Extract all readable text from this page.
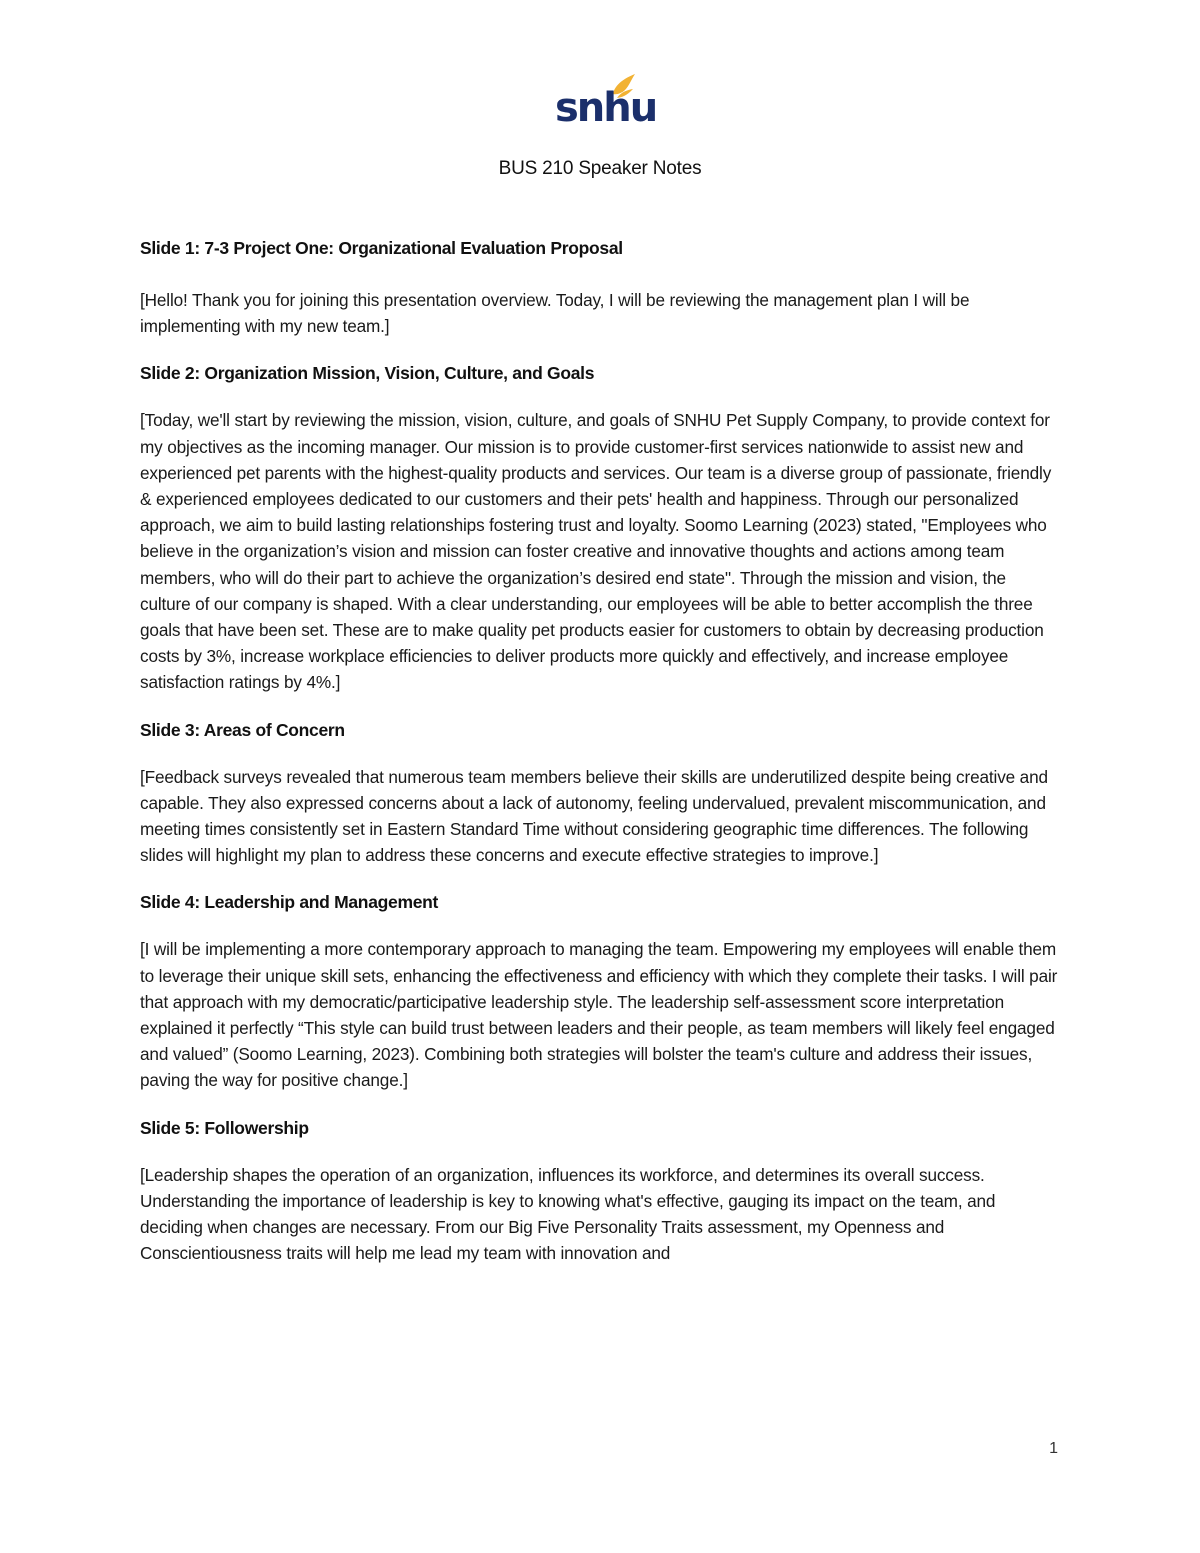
snhu
BUS 210 Speaker Notes

Slide 1: 7-3 Project One: Organizational Evaluation Proposal

[Hello! Thank you for joining this presentation overview. Today, I will be reviewing the management plan I will be implementing with my new team.]

Slide 2: Organization Mission, Vision, Culture, and Goals

[Today, we'll start by reviewing the mission, vision, culture, and goals of SNHU Pet Supply Company, to provide context for my objectives as the incoming manager. Our mission is to provide customer-first services nationwide to assist new and experienced pet parents with the highest-quality products and services. Our team is a diverse group of passionate, friendly & experienced employees dedicated to our customers and their pets' health and happiness. Through our personalized approach, we aim to build lasting relationships fostering trust and loyalty. Soomo Learning (2023) stated, "Employees who believe in the organization’s vision and mission can foster creative and innovative thoughts and actions among team members, who will do their part to achieve the organization’s desired end state". Through the mission and vision, the culture of our company is shaped. With a clear understanding, our employees will be able to better accomplish the three goals that have been set. These are to make quality pet products easier for customers to obtain by decreasing production costs by 3%, increase workplace efficiencies to deliver products more quickly and effectively, and increase employee satisfaction ratings by 4%.]

Slide 3: Areas of Concern

[Feedback surveys revealed that numerous team members believe their skills are underutilized despite being creative and capable. They also expressed concerns about a lack of autonomy, feeling undervalued, prevalent miscommunication, and meeting times consistently set in Eastern Standard Time without considering geographic time differences. The following slides will highlight my plan to address these concerns and execute effective strategies to improve.]

Slide 4: Leadership and Management

[I will be implementing a more contemporary approach to managing the team. Empowering my employees will enable them to leverage their unique skill sets, enhancing the effectiveness and efficiency with which they complete their tasks. I will pair that approach with my democratic/participative leadership style. The leadership self-assessment score interpretation explained it perfectly “This style can build trust between leaders and their people, as team members will likely feel engaged and valued” (Soomo Learning, 2023). Combining both strategies will bolster the team's culture and address their issues, paving the way for positive change.]

Slide 5: Followership

[Leadership shapes the operation of an organization, influences its workforce, and determines its overall success. Understanding the importance of leadership is key to knowing what's effective, gauging its impact on the team, and deciding when changes are necessary. From our Big Five Personality Traits assessment, my Openness and Conscientiousness traits will help me lead my team with innovation and

1
